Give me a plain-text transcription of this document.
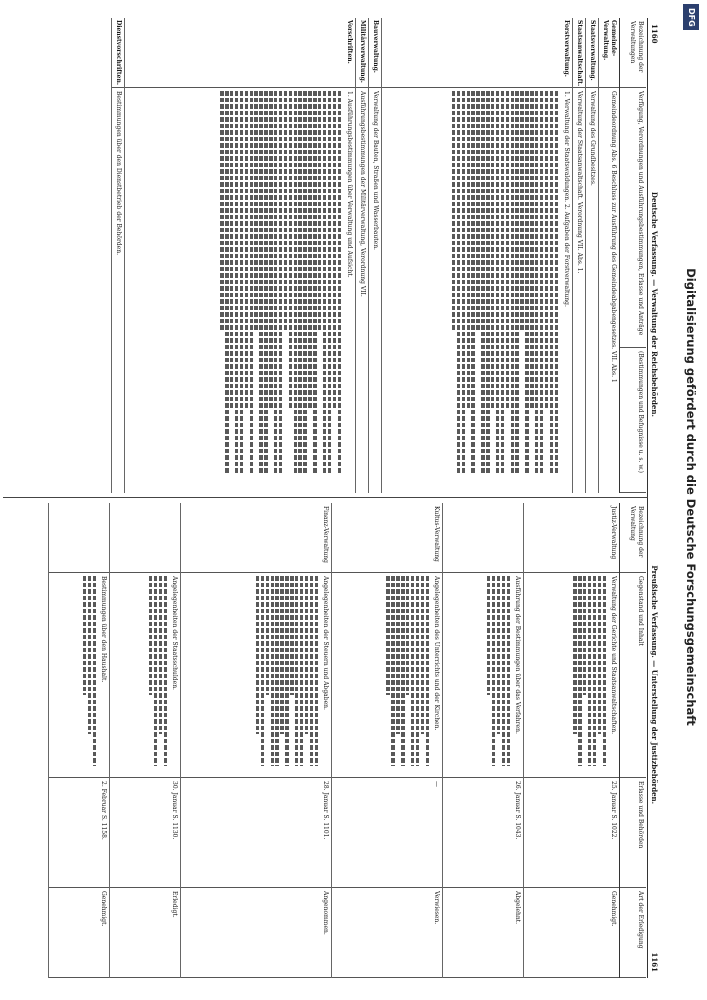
1160
Deutsche Verfassung. — Verwaltung der Reichsbehörden.
Preußische Verfassung. — Unterstellung der Justizbehörden.
1161
Bezeichnung der Verwaltungen
Verfügung, Verordnungen und Ausführungsbestimmungen, Erlasse und Anträge
(Bestimmungen und Befugnisse u. s. w.)
Gemeinde-Verwaltung.
Gemeindeordnung Abs. 6 Beschluss zur Ausführung des Gemeindeabgabengesetzes. VII. Abs. 1
Staatsverwaltung.
Verwaltung des Grundbesitzes.
Staatsanwaltschaft.
Verwaltung der Staatsanwaltschaft. Verordnung VII. Abs. 1.
Forstverwaltung.
1. Verwaltung der Staatswaldungen. 2. Aufgaben der Forstverwaltung.
Bauverwaltung.
Verwaltung der Bauten, Straßen und Wasserbauten.
Militärverwaltung.
Ausführungsbestimmungen der Militärverwaltung, Verordnung VII.
Vorschriften.
1. Ausführungsbestimmungen über Verwaltung und Aufsicht.
Dienstvorschriften.
Bestimmungen über den Dienstbetrieb der Behörden.
Bezeichnung der Verwaltung
Gegenstand und Inhalt
Erlasse und Behörden
Art der Erledigung
Justiz-Verwaltung
Verwaltung der Gerichte und Staatsanwaltschaften.
25. Januar S. 1022.
Genehmigt.
Ausführung der Bestimmungen über das Verfahren.
26. Januar S. 1043.
Abgelehnt.
Kultus-Verwaltung
Angelegenheiten des Unterrichts und der Kirchen.
—
Verwiesen.
Finanz-Verwaltung
Angelegenheiten der Steuern und Abgaben.
28. Januar S. 1101.
Angenommen.
Angelegenheiten der Staatsschulden.
30. Januar S. 1130.
Erledigt.
Bestimmungen über den Haushalt.
2. Februar S. 1158.
Genehmigt.
DFG
Digitalisierung gefördert durch die Deutsche Forschungsgemeinschaft
